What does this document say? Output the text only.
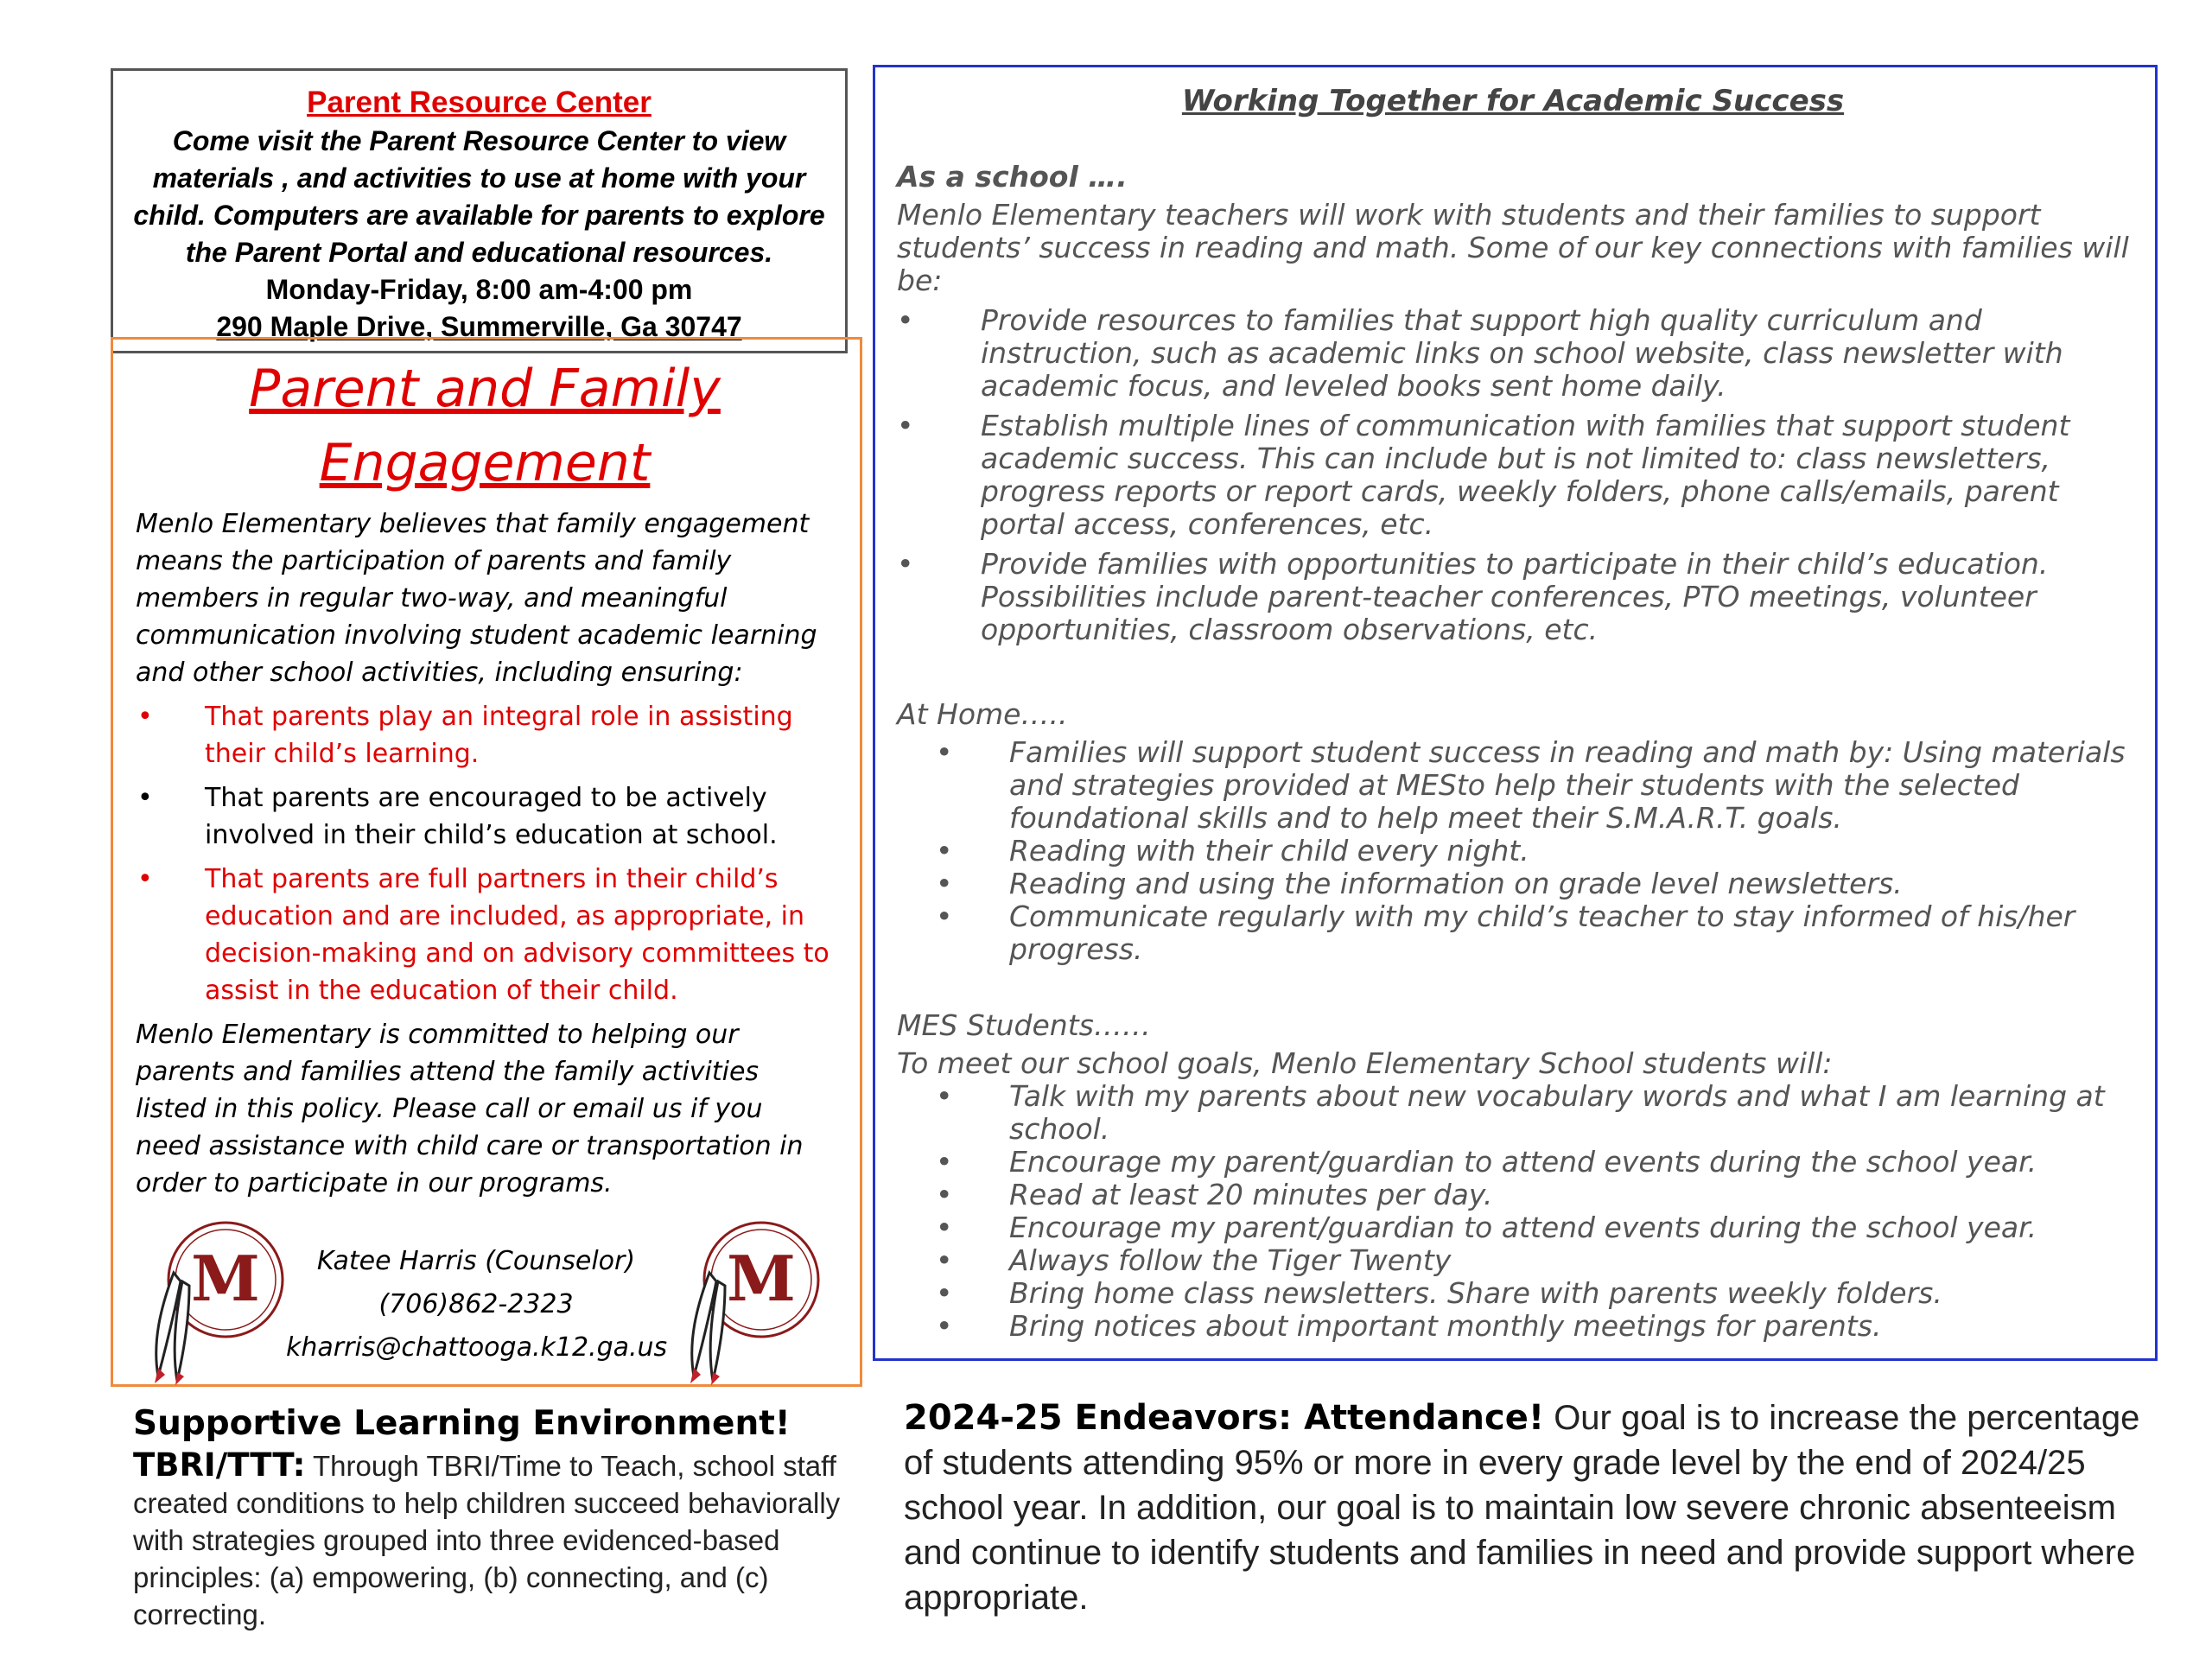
Parent Resource Center
Come visit the Parent Resource Center to view
materials , and activities to use at home with your
child. Computers are available for parents to explore
the Parent Portal and educational resources.
Monday-Friday, 8:00 am-4:00 pm
290 Maple Drive, Summerville, Ga 30747
Parent and Family
Engagement

Menlo Elementary believes that family engagement means the participation of parents and family members in regular two-way, and meaningful communication involving student academic learning and other school activities, including ensuring:

• That parents play an integral role in assisting their child’s learning.
• That parents are encouraged to be actively involved in their child’s education at school.
• That parents are full partners in their child’s education and are included, as appropriate, in decision-making and on advisory committees to assist in the education of their child.

Menlo Elementary is committed to helping our parents and families attend the family activities listed in this policy. Please call or email us if you need assistance with child care or transportation in order to participate in our programs.

M	Katee Harris (Counselor)
(706)862-2323
kharris@chattooga.k12.ga.us
M
Working Together for Academic Success
As a school ….

Menlo Elementary teachers will work with students and their families to support students’ success in reading and math. Some of our key connections with families will be:

• Provide resources to families that support high quality curriculum and instruction, such as academic links on school website, class newsletter with academic focus, and leveled books sent home daily.
• Establish multiple lines of communication with families that support student academic success. This can include but is not limited to: class newsletters, progress reports or report cards, weekly folders, phone calls/emails, parent portal access, conferences, etc.
• Provide families with opportunities to participate in their child’s education. Possibilities include parent-teacher conferences, PTO meetings, volunteer opportunities, classroom observations, etc.
At Home…..
• Families will support student success in reading and math by: Using materials and strategies provided at MESto help their students with the selected foundational skills and to help meet their S.M.A.R.T. goals.
• Reading with their child every night.
• Reading and using the information on grade level newsletters.
• Communicate regularly with my child’s teacher to stay informed of his/her progress.
MES Students……

To meet our school goals, Menlo Elementary School students will:

• Talk with my parents about new vocabulary words and what I am learning at school.
• Encourage my parent/guardian to attend events during the school year.
• Read at least 20 minutes per day.
• Encourage my parent/guardian to attend events during the school year.
• Always follow the Tiger Twenty
• Bring home class newsletters. Share with parents weekly folders.
• Bring notices about important monthly meetings for parents.
Supportive Learning Environment!
TBRI/TTT: Through TBRI/Time to Teach, school staff created conditions to help children succeed behaviorally with strategies grouped into three evidenced-based principles: (a) empowering, (b) connecting, and (c) correcting.
2024-25 Endeavors: Attendance! Our goal is to increase the percentage of students attending 95% or more in every grade level by the end of 2024/25 school year. In addition, our goal is to maintain low severe chronic absenteeism and continue to identify students and families in need and provide support where appropriate.
